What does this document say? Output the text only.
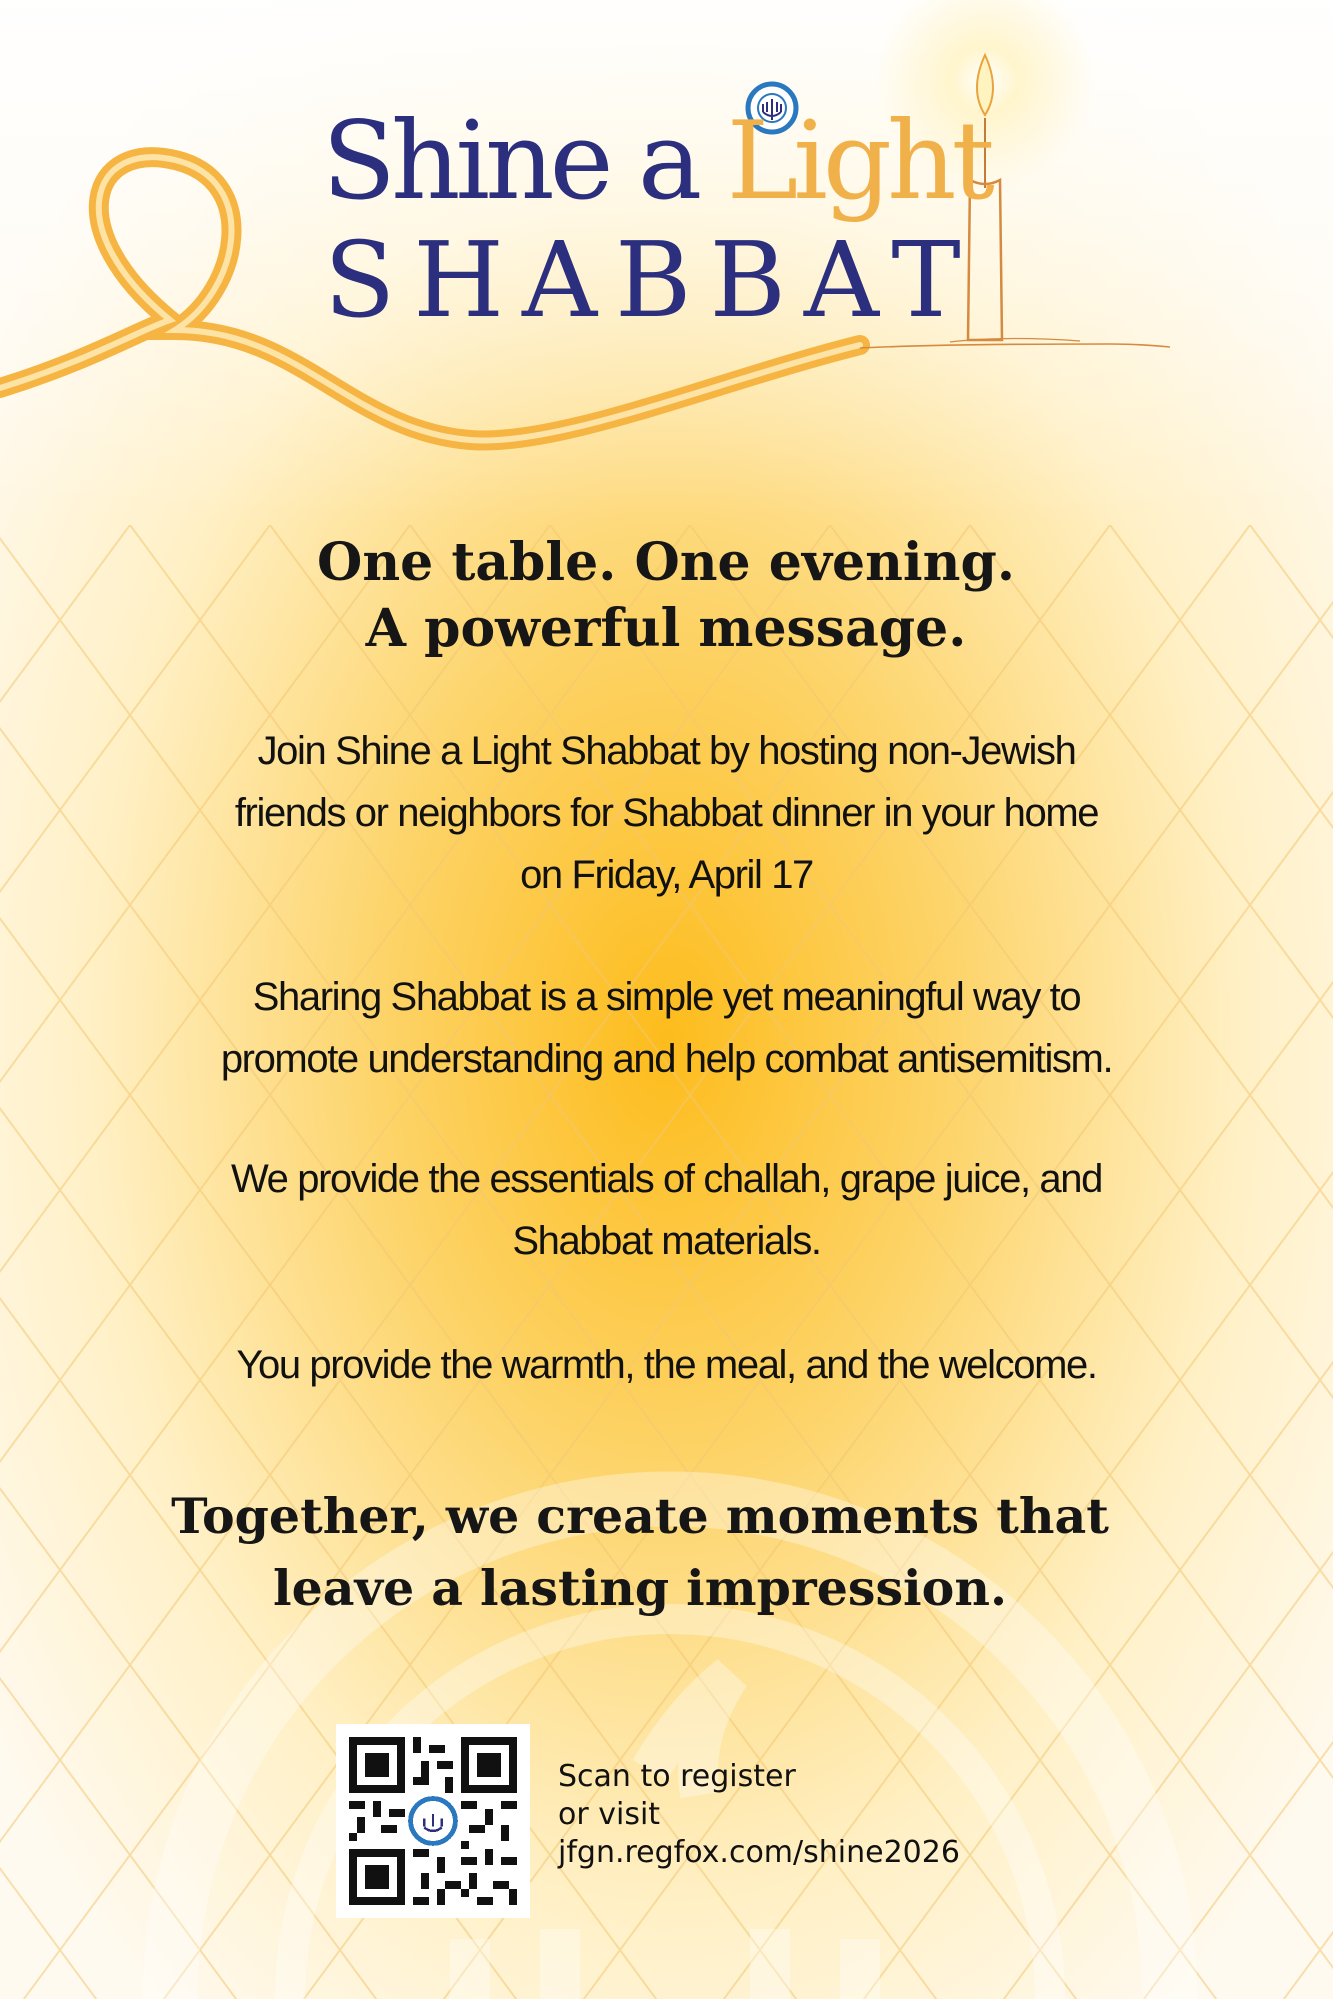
Shine a Light
SHABBAT
One table. One evening.
A powerful message.
Join Shine a Light Shabbat by hosting non-Jewish
friends or neighbors for Shabbat dinner in your home
on Friday, April 17
Sharing Shabbat is a simple yet meaningful way to
promote understanding and help combat antisemitism.
We provide the essentials of challah, grape juice, and
Shabbat materials.
You provide the warmth, the meal, and the welcome.
Together, we create moments that
leave a lasting impression.
Scan to register
or visit
jfgn.regfox.com/shine2026
